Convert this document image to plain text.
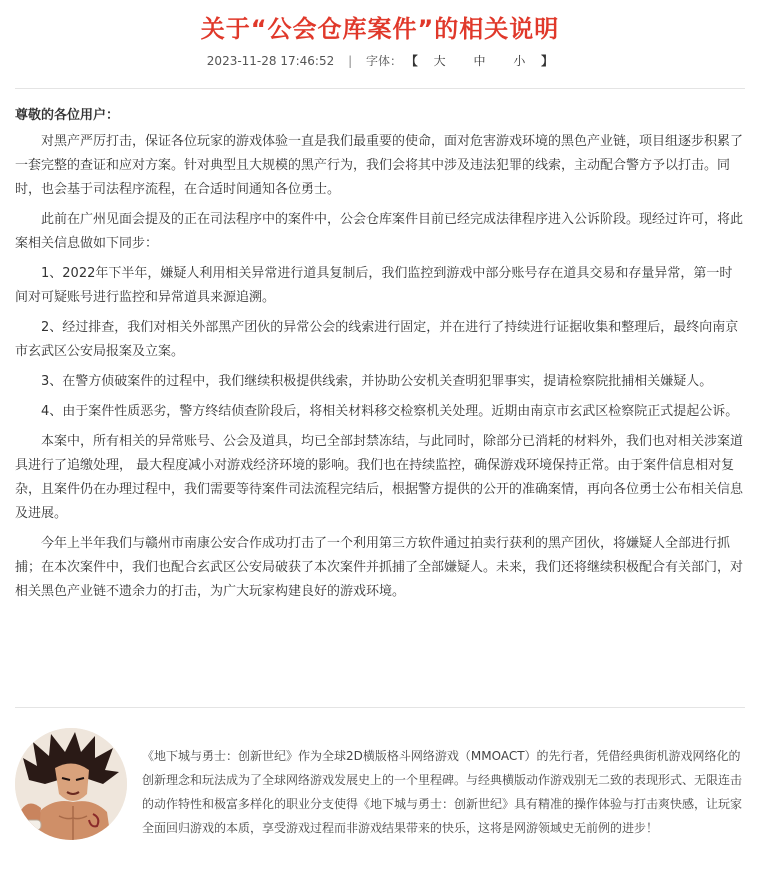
关于“公会仓库案件”的相关说明
2023-11-28 17:46:52 | 字体： 【 大 中 小 】

尊敬的各位用户：

对黑产严厉打击，保证各位玩家的游戏体验一直是我们最重要的使命，面对危害游戏环境的黑色产业链，项目组逐步积累了一套完整的查证和应对方案。针对典型且大规模的黑产行为，我们会将其中涉及违法犯罪的线索，主动配合警方予以打击。同时，也会基于司法程序流程，在合适时间通知各位勇士。

此前在广州见面会提及的正在司法程序中的案件中，公会仓库案件目前已经完成法律程序进入公诉阶段。现经过许可，将此案相关信息做如下同步：

1、2022年下半年，嫌疑人利用相关异常进行道具复制后，我们监控到游戏中部分账号存在道具交易和存量异常，第一时间对可疑账号进行监控和异常道具来源追溯。

2、经过排查，我们对相关外部黑产团伙的异常公会的线索进行固定，并在进行了持续进行证据收集和整理后，最终向南京市玄武区公安局报案及立案。

3、在警方侦破案件的过程中，我们继续积极提供线索，并协助公安机关查明犯罪事实，提请检察院批捕相关嫌疑人。

4、由于案件性质恶劣，警方终结侦查阶段后，将相关材料移交检察机关处理。近期由南京市玄武区检察院正式提起公诉。

本案中，所有相关的异常账号、公会及道具，均已全部封禁冻结，与此同时，除部分已消耗的材料外，我们也对相关涉案道具进行了追缴处理， 最大程度减小对游戏经济环境的影响。我们也在持续监控，确保游戏环境保持正常。由于案件信息相对复杂，且案件仍在办理过程中，我们需要等待案件司法流程完结后，根据警方提供的公开的准确案情，再向各位勇士公布相关信息及进展。

今年上半年我们与赣州市南康公安合作成功打击了一个利用第三方软件通过拍卖行获利的黑产团伙，将嫌疑人全部进行抓捕；在本次案件中，我们也配合玄武区公安局破获了本次案件并抓捕了全部嫌疑人。未来，我们还将继续积极配合有关部门，对相关黑色产业链不遗余力的打击，为广大玩家构建良好的游戏环境。

《地下城与勇士：创新世纪》作为全球2D横版格斗网络游戏（MMOACT）的先行者，凭借经典街机游戏网络化的创新理念和玩法成为了全球网络游戏发展史上的一个里程碑。与经典横版动作游戏别无二致的表现形式、无限连击的动作特性和极富多样化的职业分支使得《地下城与勇士：创新世纪》具有精准的操作体验与打击爽快感，让玩家全面回归游戏的本质，享受游戏过程而非游戏结果带来的快乐，这将是网游领域史无前例的进步！
